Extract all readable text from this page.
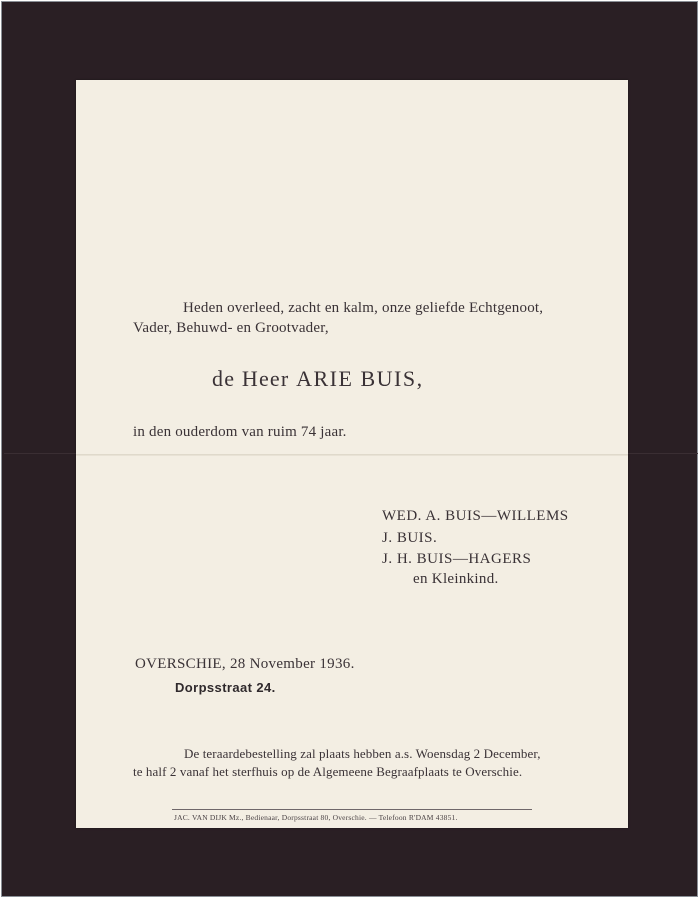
Heden overleed, zacht en kalm, onze geliefde Echtgenoot,
Vader, Behuwd- en Grootvader,
de Heer ARIE BUIS,
in den ouderdom van ruim 74 jaar.
WED. A. BUIS—WILLEMS
J. BUIS.
J. H. BUIS—HAGERS
en Kleinkind.
OVERSCHIE, 28 November 1936.
Dorpsstraat 24.
De teraardebestelling zal plaats hebben a.s. Woensdag 2 December,
te half 2 vanaf het sterfhuis op de Algemeene Begraafplaats te Overschie.
JAC. VAN DIJK Mz., Bedienaar, Dorpsstraat 80, Overschie. — Telefoon R'DAM 43851.
